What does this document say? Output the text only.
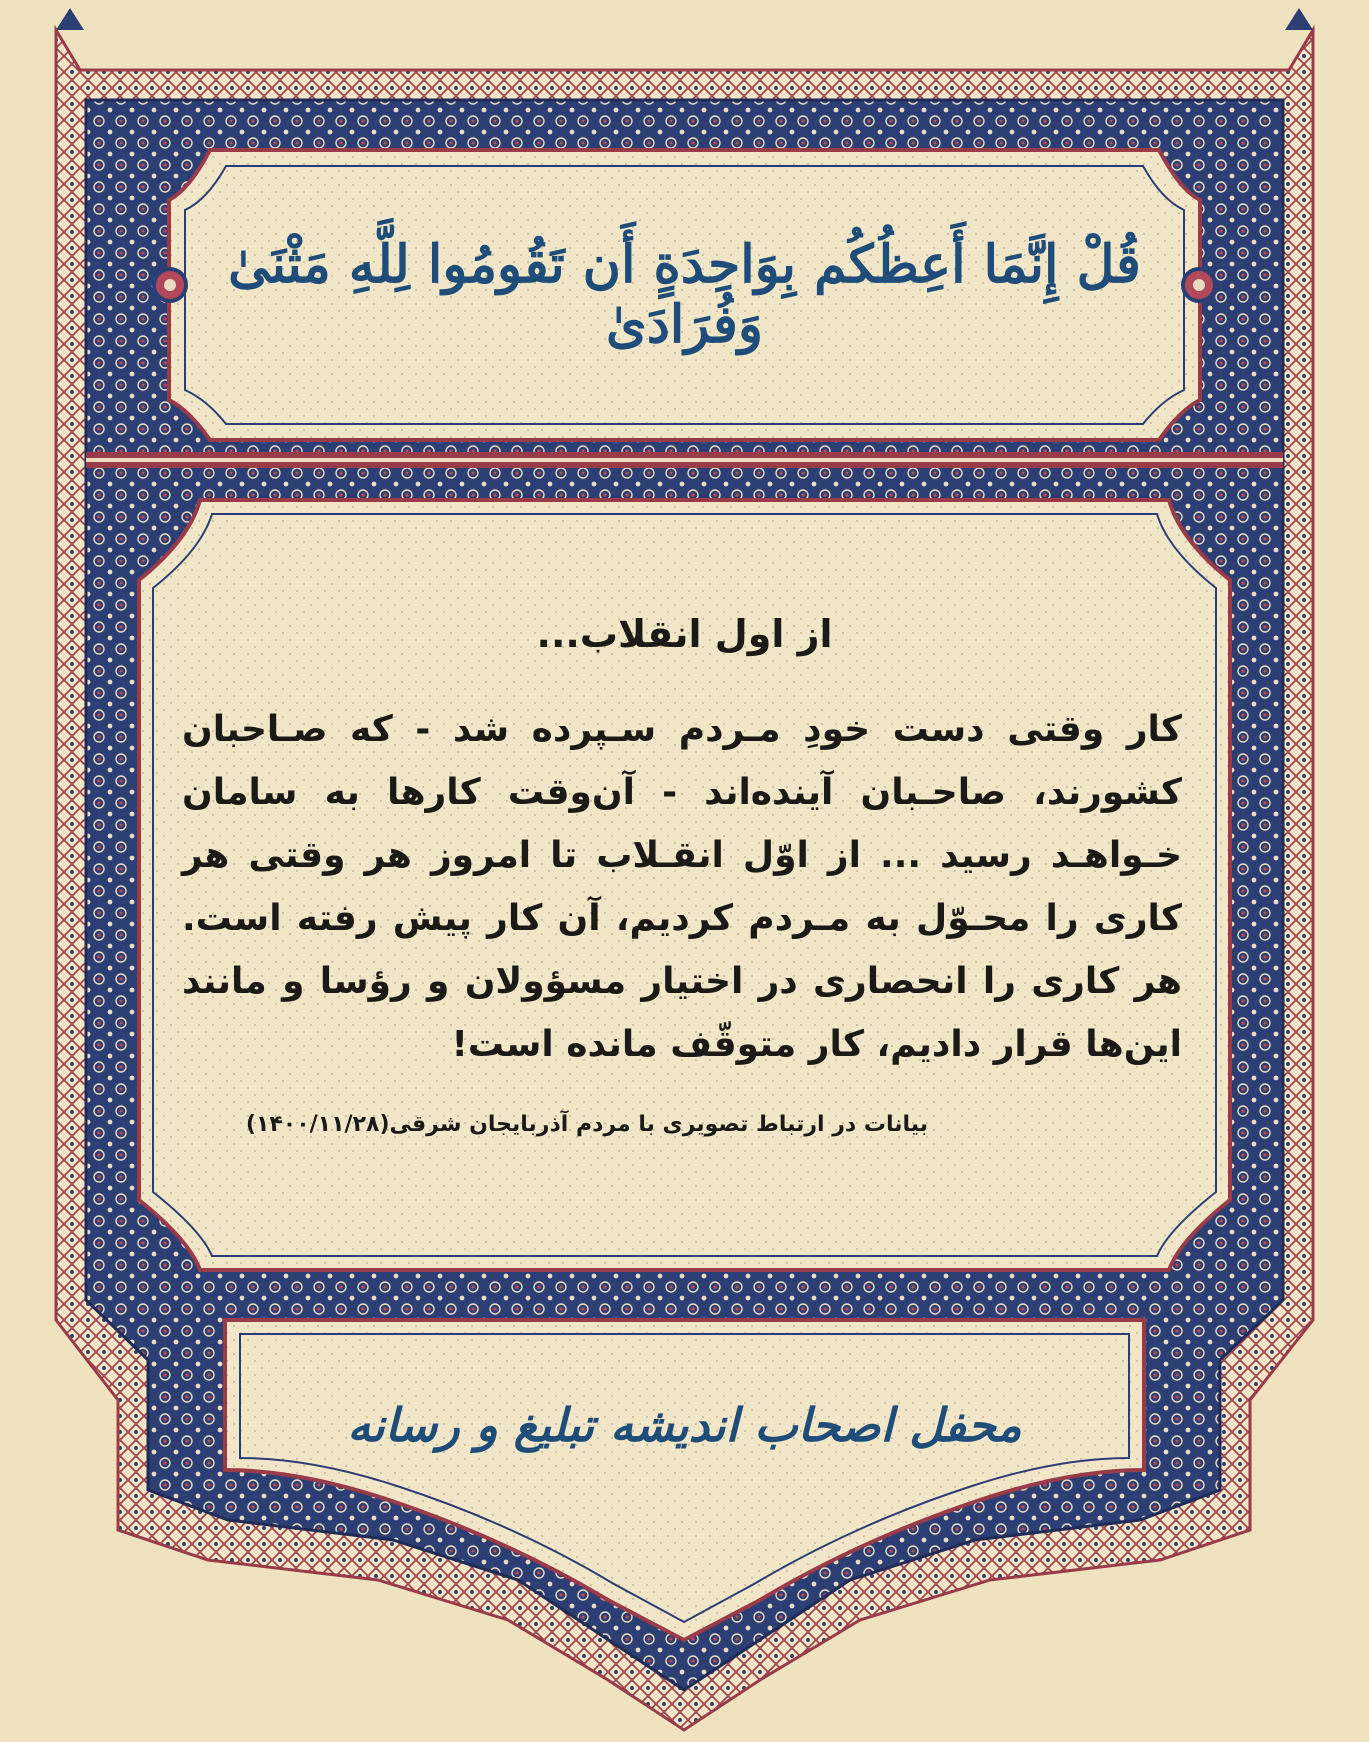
قُلْ إِنَّمَا أَعِظُكُم بِوَاحِدَةٍ أَن تَقُومُوا لِلَّهِ مَثْنَىٰ وَفُرَادَىٰ
از اول انقلاب...

کار وقتی دست خودِ مـردم سـپرده شد - که صـاحبان کشورند، صاحـبان آینده‌اند - آن‌وقت کارها به سامان خـواهـد رسید ... از اوّل انقـلاب تا امروز هر وقتی هر کاری را محـوّل به مـردم کردیم، آن کار پیش رفته است. هر کاری را انحصاری در اختیار مسؤولان و رؤسا و مانند این‌ها قرار دادیم، کار متوقّف مانده است!

بیانات در ارتباط تصویری با مردم آذربایجان شرقی(۱۴۰۰/۱۱/۲۸)

محفل اصحاب اندیشه تبلیغ و رسانه
